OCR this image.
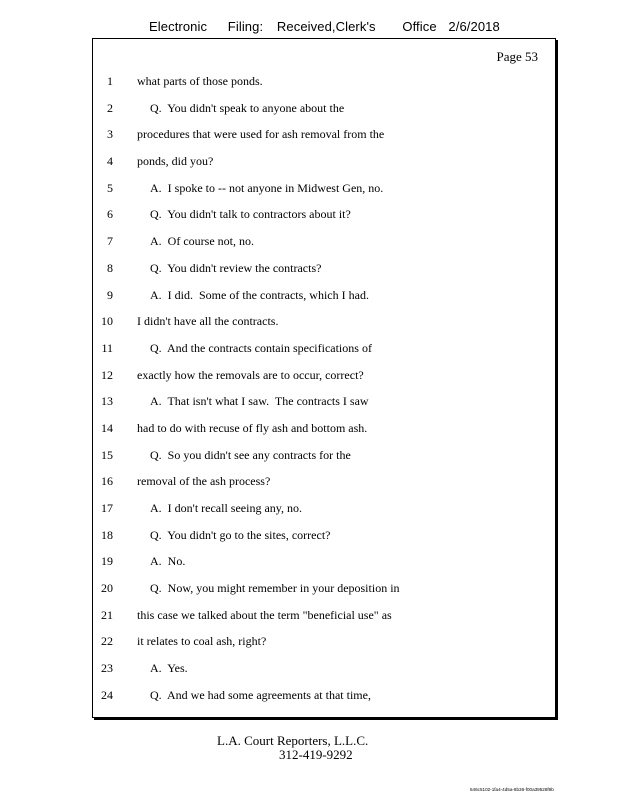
Electronic Filing: Received,Clerk's Office 2/6/2018
Page 53
1 what parts of those ponds.
2	Q.  You didn't speak to anyone about the
3 procedures that were used for ash removal from the
4 ponds, did you?
5	A.  I spoke to -- not anyone in Midwest Gen, no.
6	Q.  You didn't talk to contractors about it?
7	A.  Of course not, no.
8	Q.  You didn't review the contracts?
9	A.  I did.  Some of the contracts, which I had.
10 I didn't have all the contracts.
11	Q.  And the contracts contain specifications of
12 exactly how the removals are to occur, correct?
13	A.  That isn't what I saw.  The contracts I saw
14 had to do with recuse of fly ash and bottom ash.
15	Q.  So you didn't see any contracts for the
16 removal of the ash process?
17	A.  I don't recall seeing any, no.
18	Q.  You didn't go to the sites, correct?
19	A.  No.
20	Q.  Now, you might remember in your deposition in
21 this case we talked about the term "beneficial use" as
22 it relates to coal ash, right?
23	A.  Yes.
24	Q.  And we had some agreements at that time,
L.A. Court Reporters, L.L.C.
312-419-9292
546c5102-1fa4-4d5a-8b36-f00a39528f9b
